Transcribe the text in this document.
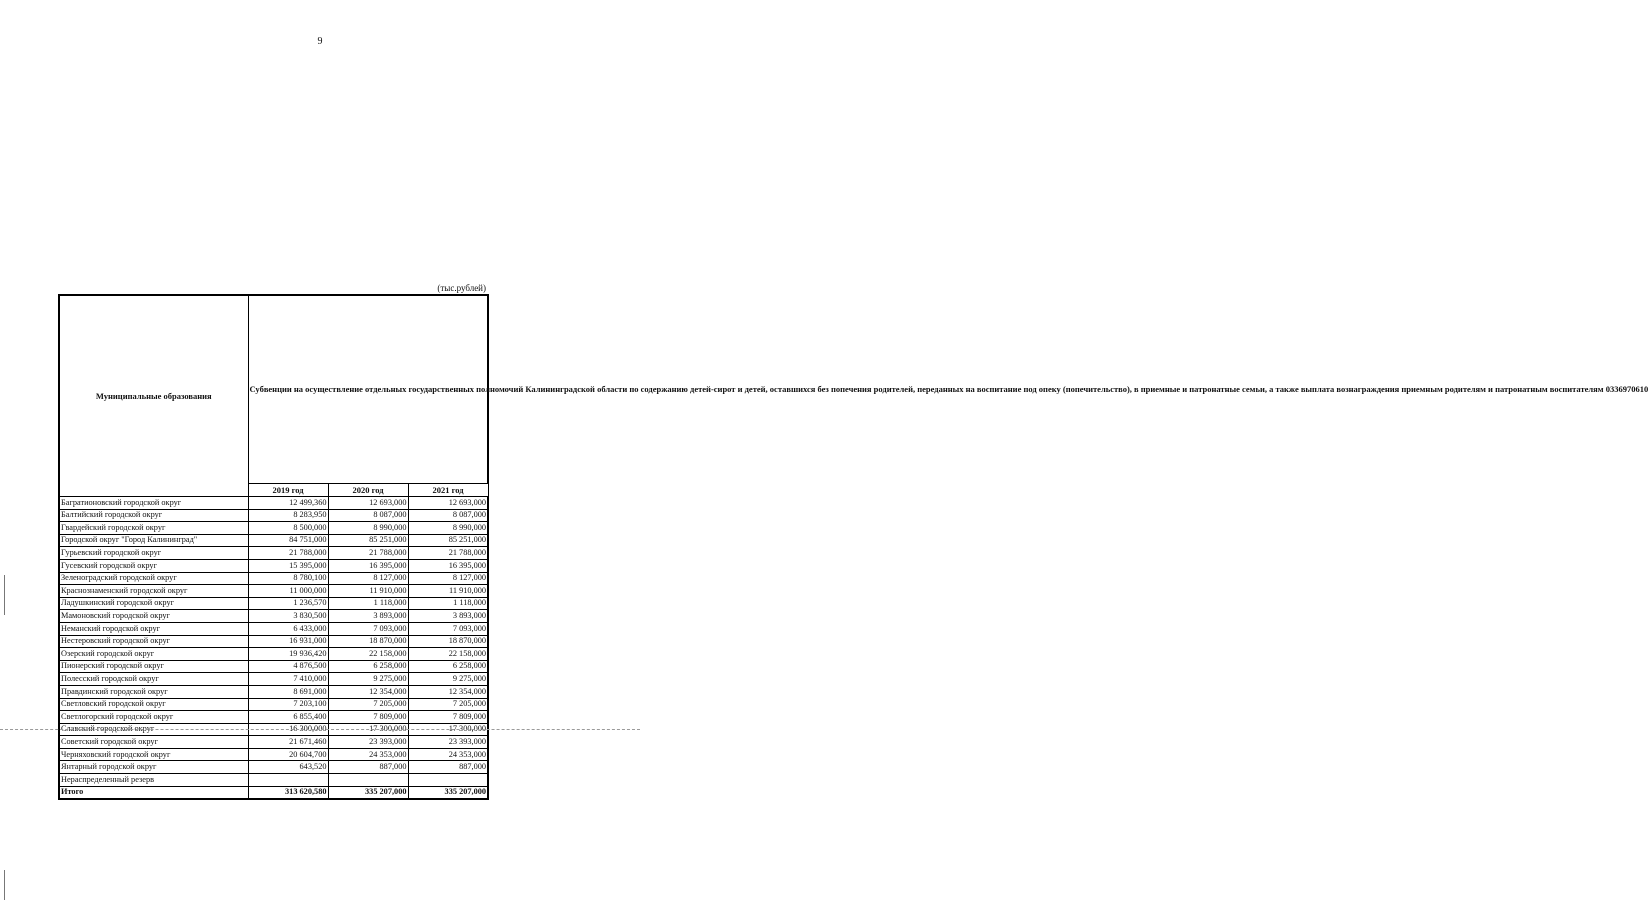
9
(тыс.рублей)
Муниципальные образования	Субвенции на осуществление отдельных государственных полномочий Калининградской области по содержанию детей-сирот и детей, оставшихся без попечения родителей, переданных на воспитание под опеку (попечительство), в приемные и патронатные семьи, а также выплата вознаграждения приемным родителям и патронатным воспитателям 0336970610		
	2019 год	2020 год	2021 год
Багратионовский городской округ	12 499,360	12 693,000	12 693,000
Балтийский городской округ	8 283,950	8 087,000	8 087,000
Гвардейский городской округ	8 500,000	8 990,000	8 990,000
Городской округ "Город Калининград"	84 751,000	85 251,000	85 251,000
Гурьевский городской округ	21 788,000	21 788,000	21 788,000
Гусевский городской округ	15 395,000	16 395,000	16 395,000
Зеленоградский городской округ	8 780,100	8 127,000	8 127,000
Краснознаменский городской округ	11 000,000	11 910,000	11 910,000
Ладушкинский городской округ	1 236,570	1 118,000	1 118,000
Мамоновский городской округ	3 830,500	3 893,000	3 893,000
Неманский городской округ	6 433,000	7 093,000	7 093,000
Нестеровский городской округ	16 931,000	18 870,000	18 870,000
Озерский городской округ	19 936,420	22 158,000	22 158,000
Пионерский городской округ	4 876,500	6 258,000	6 258,000
Полесский городской округ	7 410,000	9 275,000	9 275,000
Правдинский городской округ	8 691,000	12 354,000	12 354,000
Светловский городской округ	7 203,100	7 205,000	7 205,000
Светлогорский городской округ	6 855,400	7 809,000	7 809,000
Славский городской округ	16 300,000	17 300,000	17 300,000
Советский городской округ	21 671,460	23 393,000	23 393,000
Черняховский городской округ	20 604,700	24 353,000	24 353,000
Янтарный городской округ	643,520	887,000	887,000
Нераспределенный резерв			
Итого	313 620,580	335 207,000	335 207,000
